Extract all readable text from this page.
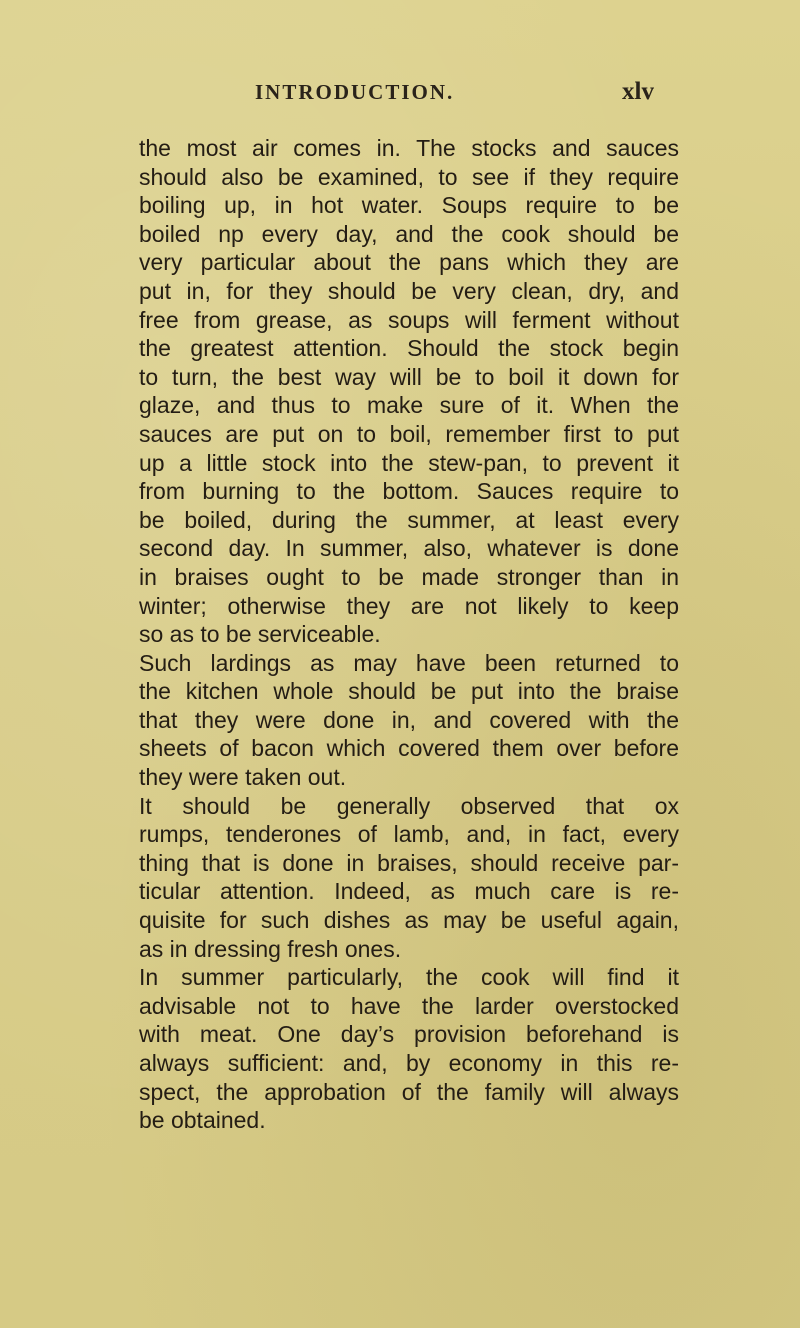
INTRODUCTION.	xlv
the most air comes in. The stocks and sauces
should also be examined, to see if they require
boiling up, in hot water. Soups require to be
boiled np every day, and the cook should be
very particular about the pans which they are
put in, for they should be very clean, dry, and
free from grease, as soups will ferment without
the greatest attention. Should the stock begin
to turn, the best way will be to boil it down for
glaze, and thus to make sure of it. When the
sauces are put on to boil, remember first to put
up a little stock into the stew-pan, to prevent it
from burning to the bottom. Sauces require to
be boiled, during the summer, at least every
second day. In summer, also, whatever is done
in braises ought to be made stronger than in
winter; otherwise they are not likely to keep
so as to be serviceable.
Such lardings as may have been returned to
the kitchen whole should be put into the braise
that they were done in, and covered with the
sheets of bacon which covered them over before
they were taken out.
It should be generally observed that ox
rumps, tenderones of lamb, and, in fact, every
thing that is done in braises, should receive par-
ticular attention. Indeed, as much care is re-
quisite for such dishes as may be useful again,
as in dressing fresh ones.
In summer particularly, the cook will find it
advisable not to have the larder overstocked
with meat. One day’s provision beforehand is
always sufficient: and, by economy in this re-
spect, the approbation of the family will always
be obtained.
